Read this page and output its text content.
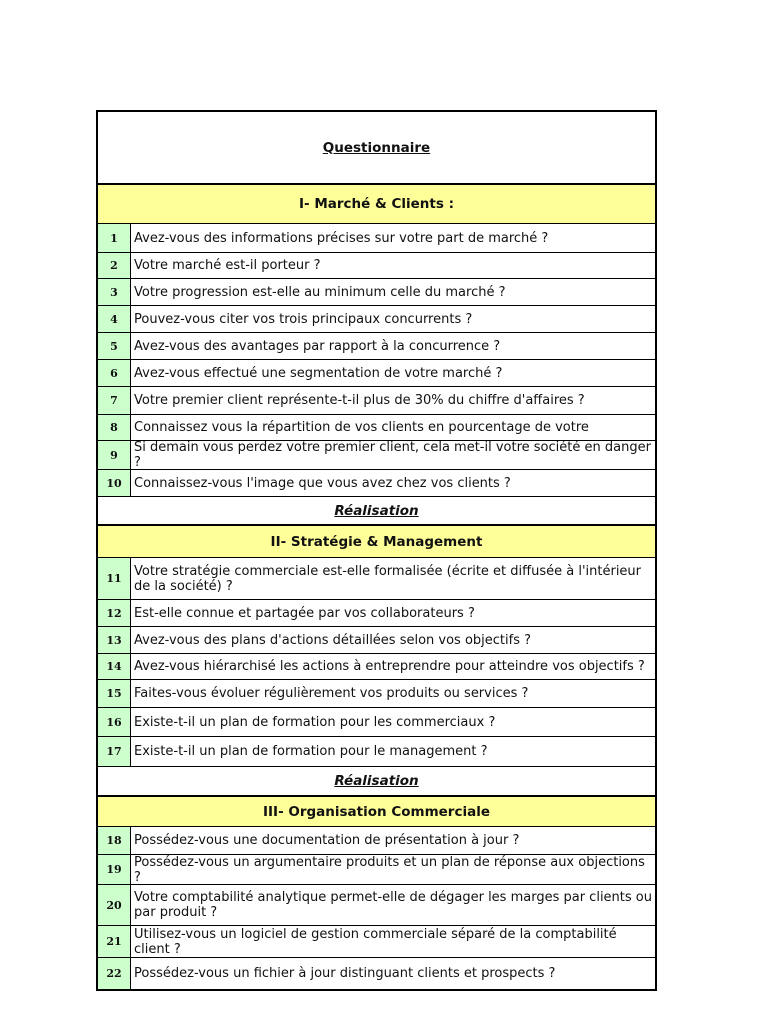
Questionnaire
I- Marché & Clients :
1	Avez-vous des informations précises sur votre part de marché ?
2	Votre marché est-il porteur ?
3	Votre progression est-elle au minimum celle du marché ?
4	Pouvez-vous citer vos trois principaux concurrents ?
5	Avez-vous des avantages par rapport à la concurrence ?
6	Avez-vous effectué une segmentation de votre marché ?
7	Votre premier client représente-t-il plus de 30% du chiffre d'affaires ?
8	Connaissez vous la répartition de vos clients en pourcentage de votre
9	Si demain vous perdez votre premier client, cela met-il votre société en danger ?
10 Connaissez-vous l'image que vous avez chez vos clients ?
Réalisation
II- Stratégie & Management
11 Votre stratégie commerciale est-elle formalisée (écrite et diffusée à l'intérieur de la société) ?
12 Est-elle connue et partagée par vos collaborateurs ?
13 Avez-vous des plans d'actions détaillées selon vos objectifs ?
14 Avez-vous hiérarchisé les actions à entreprendre pour atteindre vos objectifs ?
15 Faites-vous évoluer régulièrement vos produits ou services ?
16 Existe-t-il un plan de formation pour les commerciaux ?
17 Existe-t-il un plan de formation pour le management ?
Réalisation
III- Organisation Commerciale
18 Possédez-vous une documentation de présentation à jour ?
19 Possédez-vous un argumentaire produits et un plan de réponse aux objections ?
20 Votre comptabilité analytique permet-elle de dégager les marges par clients ou par produit ?
21 Utilisez-vous un logiciel de gestion commerciale séparé de la comptabilité client ?
22 Possédez-vous un fichier à jour distinguant clients et prospects ?
